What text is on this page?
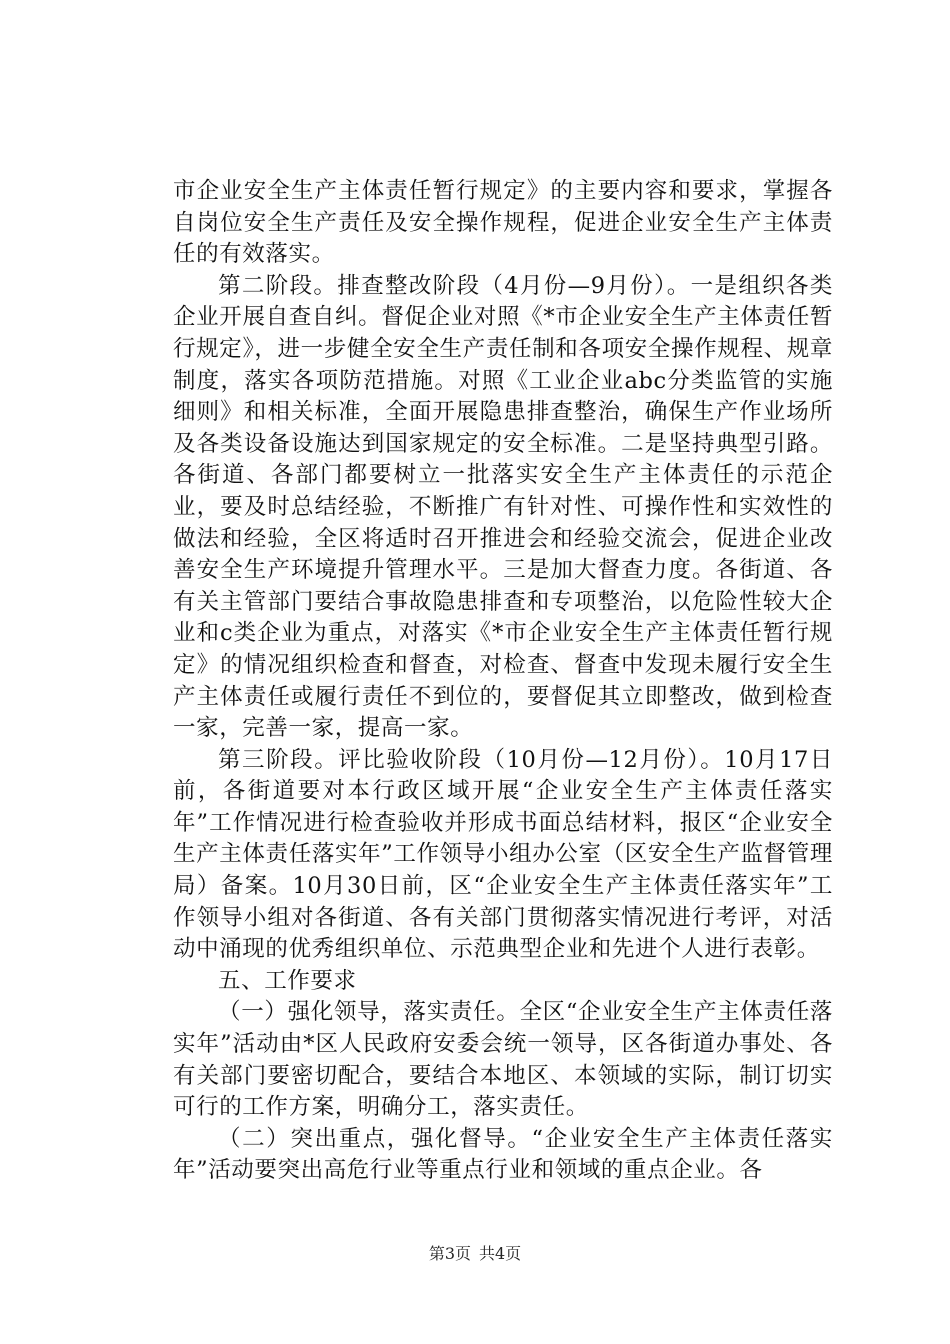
市企业安全生产主体责任暂行规定》的主要内容和要求，掌握各自岗位安全生产责任及安全操作规程，促进企业安全生产主体责任的有效落实。

第二阶段。排查整改阶段（4月份—9月份）。一是组织各类企业开展自查自纠。督促企业对照《*市企业安全生产主体责任暂行规定》，进一步健全安全生产责任制和各项安全操作规程、规章制度，落实各项防范措施。对照《工业企业abc分类监管的实施细则》和相关标准，全面开展隐患排查整治，确保生产作业场所及各类设备设施达到国家规定的安全标准。二是坚持典型引路。各街道、各部门都要树立一批落实安全生产主体责任的示范企业，要及时总结经验，不断推广有针对性、可操作性和实效性的做法和经验，全区将适时召开推进会和经验交流会，促进企业改善安全生产环境提升管理水平。三是加大督查力度。各街道、各有关主管部门要结合事故隐患排查和专项整治，以危险性较大企业和c类企业为重点，对落实《*市企业安全生产主体责任暂行规定》的情况组织检查和督查，对检查、督查中发现未履行安全生产主体责任或履行责任不到位的，要督促其立即整改，做到检查一家，完善一家，提高一家。

第三阶段。评比验收阶段（10月份—12月份）。10月17日前，各街道要对本行政区域开展“企业安全生产主体责任落实年”工作情况进行检查验收并形成书面总结材料，报区“企业安全生产主体责任落实年”工作领导小组办公室（区安全生产监督管理局）备案。10月30日前，区“企业安全生产主体责任落实年”工作领导小组对各街道、各有关部门贯彻落实情况进行考评，对活动中涌现的优秀组织单位、示范典型企业和先进个人进行表彰。

五、工作要求

（一）强化领导，落实责任。全区“企业安全生产主体责任落实年”活动由*区人民政府安委会统一领导，区各街道办事处、各有关部门要密切配合，要结合本地区、本领域的实际，制订切实可行的工作方案，明确分工，落实责任。

（二）突出重点，强化督导。“企业安全生产主体责任落实年”活动要突出高危行业等重点行业和领域的重点企业。各

第3页 共4页
